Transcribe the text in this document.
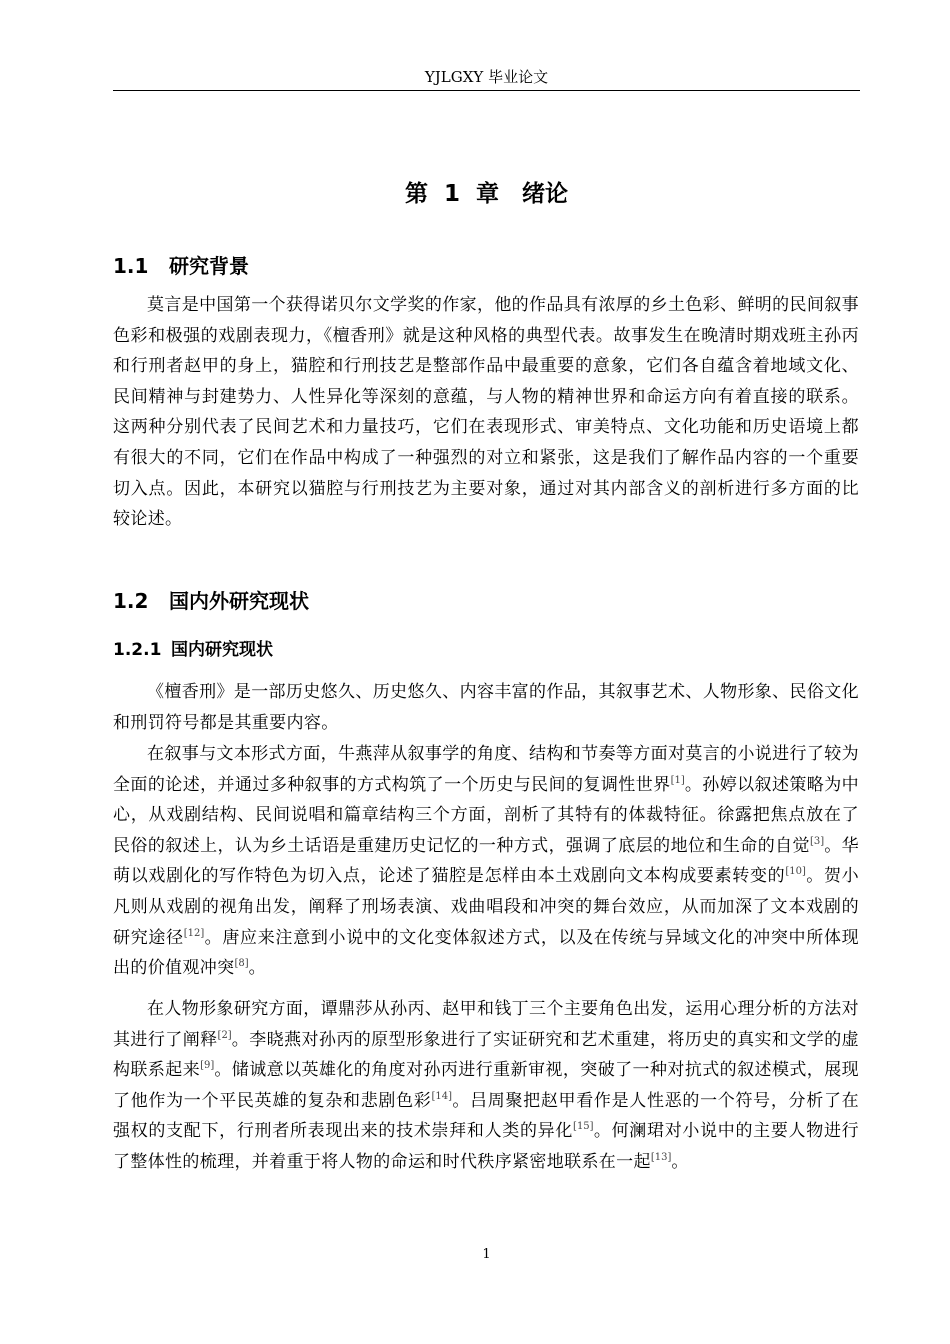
YJLGXY 毕业论文
第 1 章　绪论
1.1 研究背景
莫言是中国第一个获得诺贝尔文学奖的作家，他的作品具有浓厚的乡土色彩、鲜明的民间叙事色彩和极强的戏剧表现力，《檀香刑》就是这种风格的典型代表。故事发生在晚清时期戏班主孙丙和行刑者赵甲的身上，猫腔和行刑技艺是整部作品中最重要的意象，它们各自蕴含着地域文化、民间精神与封建势力、人性异化等深刻的意蕴，与人物的精神世界和命运方向有着直接的联系。这两种分别代表了民间艺术和力量技巧，它们在表现形式、审美特点、文化功能和历史语境上都有很大的不同，它们在作品中构成了一种强烈的对立和紧张，这是我们了解作品内容的一个重要切入点。因此，本研究以猫腔与行刑技艺为主要对象，通过对其内部含义的剖析进行多方面的比较论述。
1.2 国内外研究现状
1.2.1 国内研究现状
《檀香刑》是一部历史悠久、历史悠久、内容丰富的作品，其叙事艺术、人物形象、民俗文化和刑罚符号都是其重要内容。
在叙事与文本形式方面，牛燕萍从叙事学的角度、结构和节奏等方面对莫言的小说进行了较为全面的论述，并通过多种叙事的方式构筑了一个历史与民间的复调性世界[1]。孙婷以叙述策略为中心，从戏剧结构、民间说唱和篇章结构三个方面，剖析了其特有的体裁特征。徐露把焦点放在了民俗的叙述上，认为乡土话语是重建历史记忆的一种方式，强调了底层的地位和生命的自觉[3]。华萌以戏剧化的写作特色为切入点，论述了猫腔是怎样由本土戏剧向文本构成要素转变的[10]。贺小凡则从戏剧的视角出发，阐释了刑场表演、戏曲唱段和冲突的舞台效应，从而加深了文本戏剧的研究途径[12]。唐应来注意到小说中的文化变体叙述方式，以及在传统与异域文化的冲突中所体现出的价值观冲突[8]。
在人物形象研究方面，谭鼎莎从孙丙、赵甲和钱丁三个主要角色出发，运用心理分析的方法对其进行了阐释[2]。李晓燕对孙丙的原型形象进行了实证研究和艺术重建，将历史的真实和文学的虚构联系起来[9]。储诚意以英雄化的角度对孙丙进行重新审视，突破了一种对抗式的叙述模式，展现了他作为一个平民英雄的复杂和悲剧色彩[14]。吕周聚把赵甲看作是人性恶的一个符号，分析了在强权的支配下，行刑者所表现出来的技术崇拜和人类的异化[15]。何澜珺对小说中的主要人物进行了整体性的梳理，并着重于将人物的命运和时代秩序紧密地联系在一起[13]。
1
